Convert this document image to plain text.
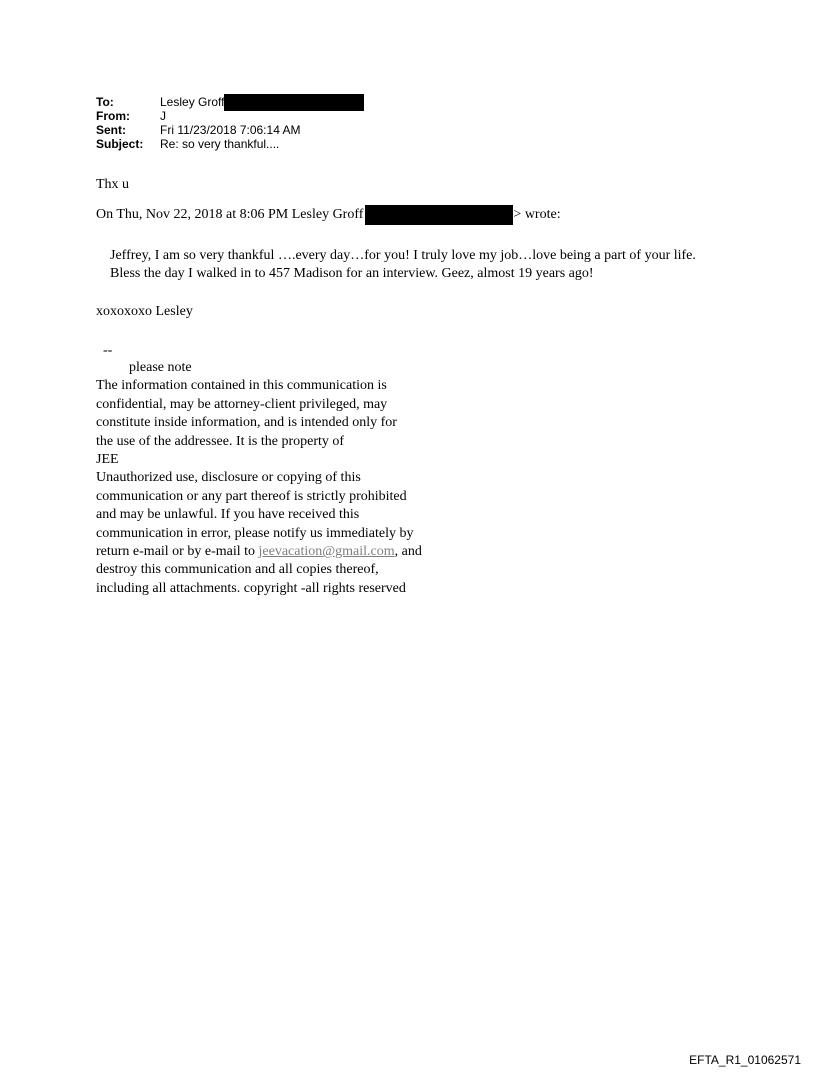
To:	Lesley Groff
From:	J
Sent:	Fri 11/23/2018 7:06:14 AM
Subject:	Re: so very thankful....
Thx u
On Thu, Nov 22, 2018 at 8:06 PM Lesley Groff	> wrote:
Jeffrey, I am so very thankful ….every day…for you! I truly love my job…love being a part of your life. Bless the day I walked in to 457 Madison for an interview. Geez, almost 19 years ago!
xoxoxoxo Lesley
--
please note
The information contained in this communication is
confidential, may be attorney-client privileged, may
constitute inside information, and is intended only for
the use of the addressee. It is the property of
JEE
Unauthorized use, disclosure or copying of this
communication or any part thereof is strictly prohibited
and may be unlawful. If you have received this
communication in error, please notify us immediately by
return e-mail or by e-mail to jeevacation@gmail.com, and
destroy this communication and all copies thereof,
including all attachments. copyright -all rights reserved
EFTA_R1_01062571
